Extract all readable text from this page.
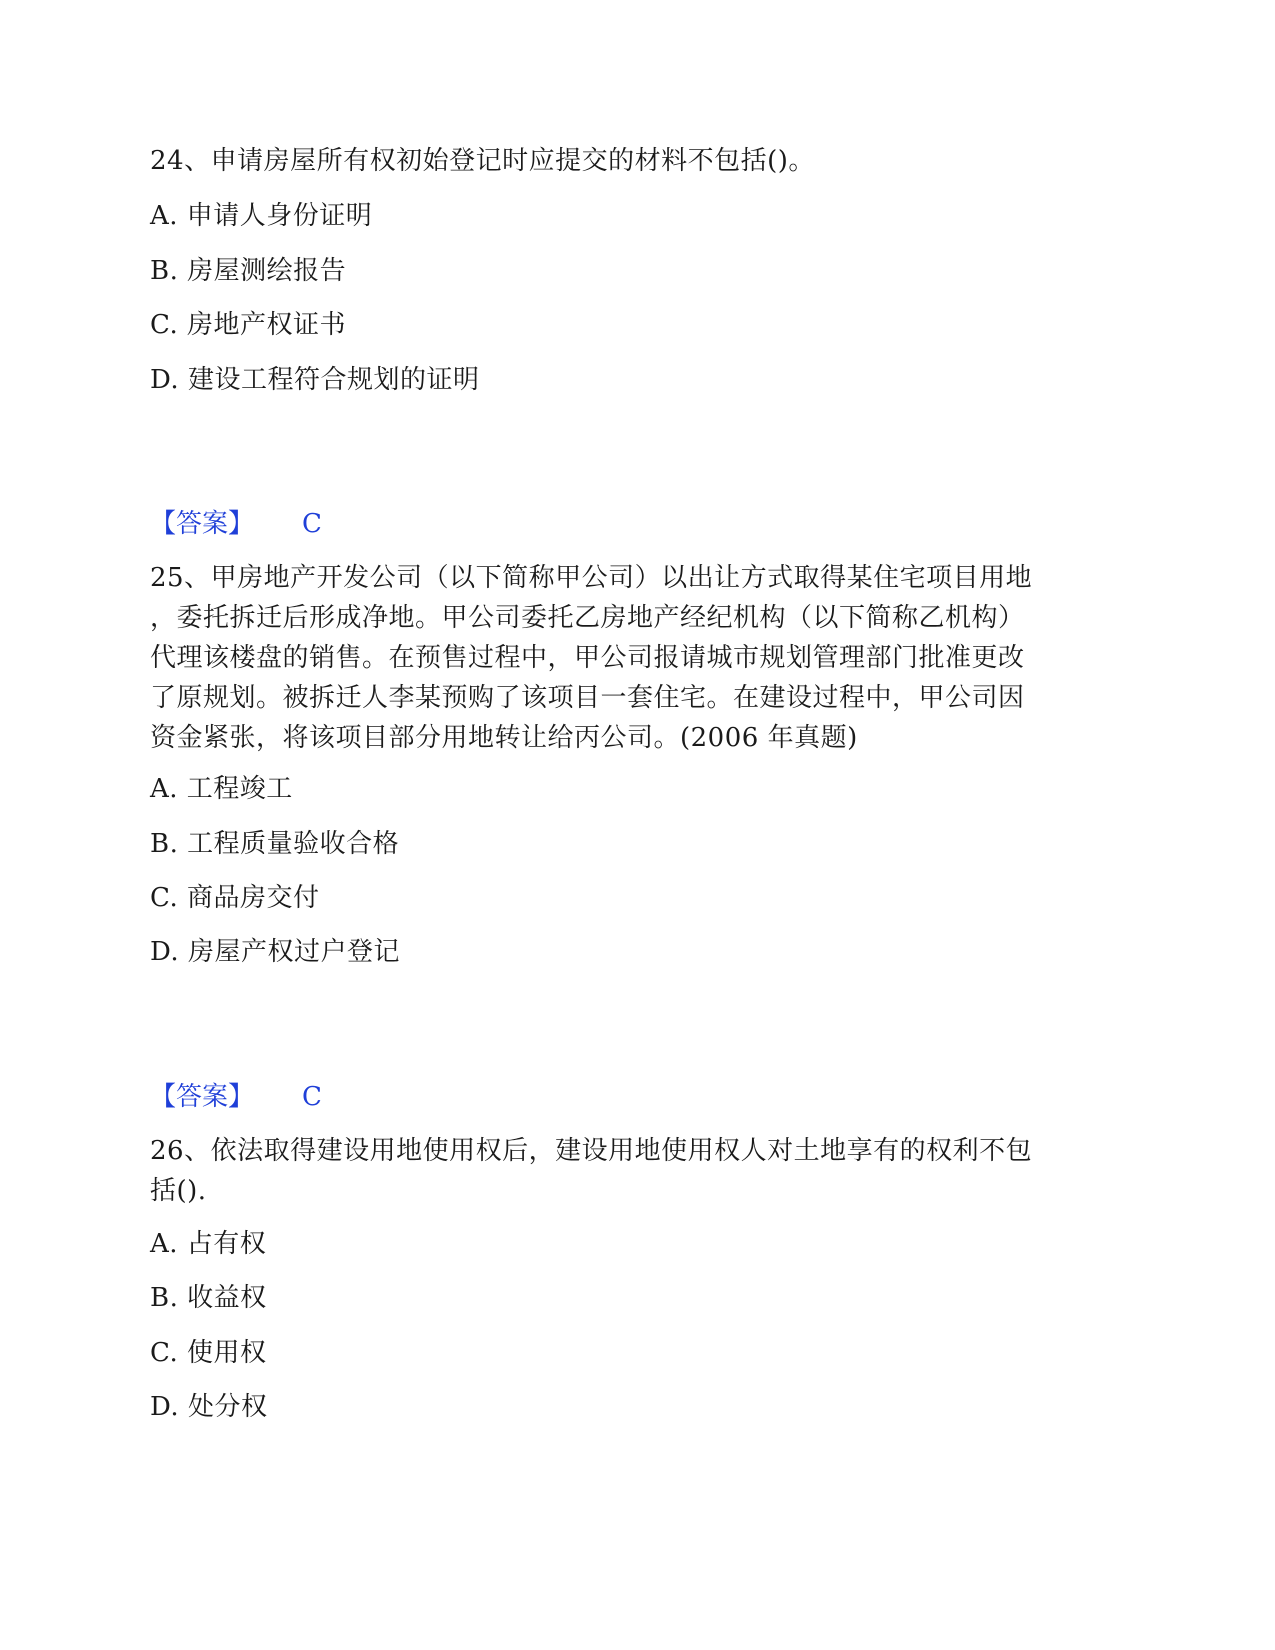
24、申请房屋所有权初始登记时应提交的材料不包括()。
A. 申请人身份证明
B. 房屋测绘报告
C. 房地产权证书
D. 建设工程符合规划的证明
【答案】 C
25、甲房地产开发公司（以下简称甲公司）以出让方式取得某住宅项目用地
，委托拆迁后形成净地。甲公司委托乙房地产经纪机构（以下简称乙机构）
代理该楼盘的销售。在预售过程中，甲公司报请城市规划管理部门批准更改
了原规划。被拆迁人李某预购了该项目一套住宅。在建设过程中，甲公司因
资金紧张，将该项目部分用地转让给丙公司。(2006 年真题)
A. 工程竣工
B. 工程质量验收合格
C. 商品房交付
D. 房屋产权过户登记
【答案】 C
26、依法取得建设用地使用权后，建设用地使用权人对土地享有的权利不包
括().
A. 占有权
B. 收益权
C. 使用权
D. 处分权
